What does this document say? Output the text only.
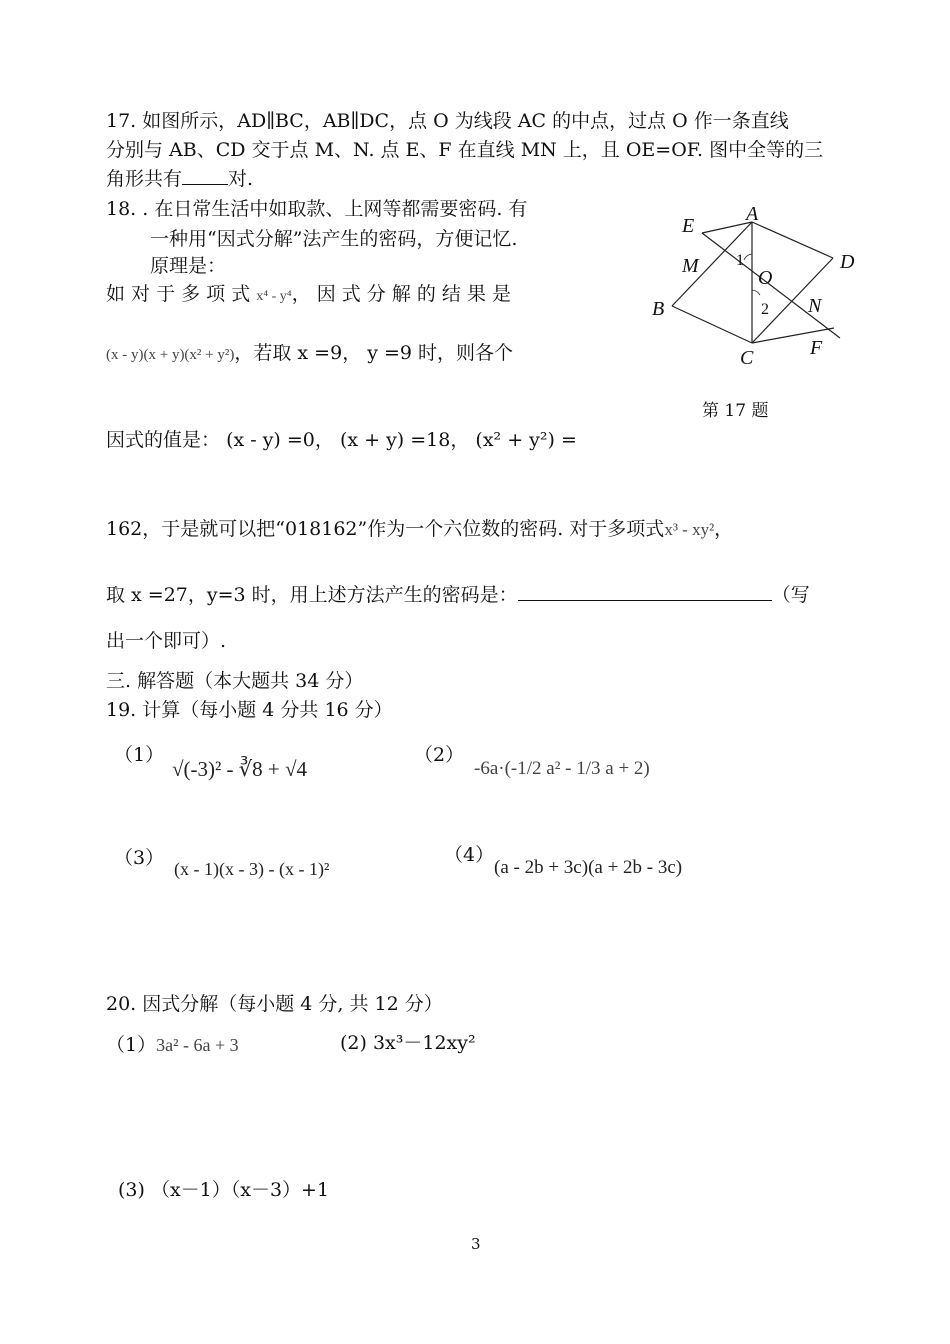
17. 如图所示，AD∥BC，AB∥DC，点 O 为线段 AC 的中点，过点 O 作一条直线
分别与 AB、CD 交于点 M、N. 点 E、F 在直线 MN 上，且 OE=OF. 图中全等的三
角形共有 对.
18. . 在日常生活中如取款、上网等都需要密码. 有
一种用“因式分解”法产生的密码，方便记忆.
原理是：
如 对 于 多 项 式 x⁴ - y⁴， 因 式 分 解 的 结 果 是
(x - y)(x + y)(x² + y²)，若取 x =9， y =9 时，则各个
因式的值是： (x - y) =0， (x + y) =18， (x² + y²) =
162，于是就可以把“018162”作为一个六位数的密码. 对于多项式x³ - xy²，
取 x =27，y=3 时，用上述方法产生的密码是：	（写
出一个即可）.
A
D
B
C
E
F
M
N
O
1
2
第 17 题
三. 解答题（本大题共 34 分）
19. 计算（每小题 4 分共 16 分）
（1）
√(-3)² - ∛8 + √4
（2）
-6a·(-1/2 a² - 1/3 a + 2)
（3） (x - 1)(x - 3) - (x - 1)²
（4）
(a - 2b + 3c)(a + 2b - 3c)
20. 因式分解（每小题 4 分, 共 12 分）
（1）3a² - 6a + 3	(2) 3x³－12xy²
(3) （x－1）（x－3）+1
3
